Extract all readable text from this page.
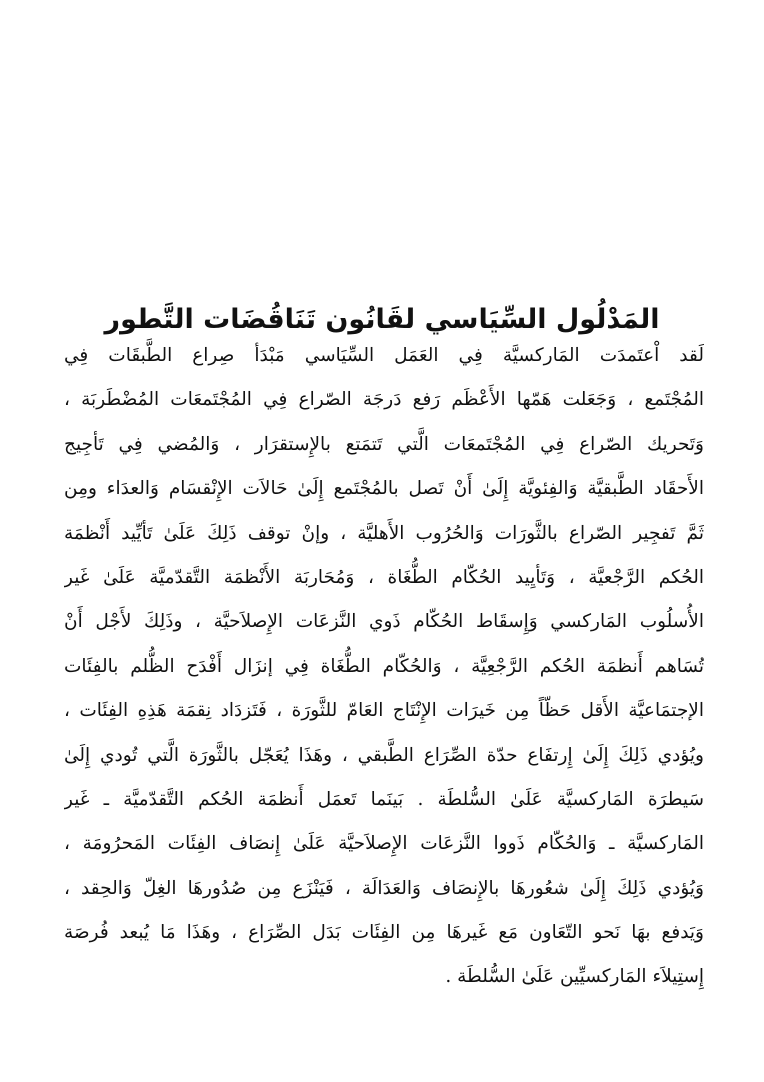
المَدْلُول السِّيَاسي لقَانُون تَنَاقُضَات التَّطور
لَقد اْعتَمدَت المَاركسيَّة فِي العَمَل السِّيَاسي مَبْدَأ صِراع الطَّبقَات فِي
المُجْتَمع ، وَجَعَلت هَمّها الأَعْظَم رَفع دَرجَة الصّراع فِي المُجْتَمعَات المُضْطَربَة ،
وَتَحريك الصّراع فِي المُجْتَمعَات الَّتي تَتمَتع بالإِستقرَار ، وَالمُضي فِي تَأجِيج
الأَحقَاد الطَّبقيَّة وَالفِئويَّة إِلَىٰ أَنْ تَصل بالمُجْتَمع إِلَىٰ حَالاَت الإِنْقسَام وَالعدَاء ومِن
ثَمَّ تَفجِير الصّراع بالثَّورَات وَالحُرُوب الأَهليَّة ، وإنْ توقف ذَلِكَ عَلَىٰ تَأيِّيد أَنْظمَة
الحُكم الرَّجْعيَّة ، وَتَأيِيد الحُكّام الطُّغَاة ، وَمُحَاربَة الأَنْظمَة التَّقدّميَّة عَلَىٰ غَير
الأُسلُوب المَاركسي وَإِسقَاط الحُكّام ذَوي النَّزعَات الإِصلاَحيَّة ، وذَلِكَ لأَجْل أَنْ
تُسَاهم أَنظمَة الحُكم الرَّجْعِيَّة ، وَالحُكّام الطُّغَاة فِي إنزَال أَفْدَح الظُّلم بالفِئَات
الإجتمَاعيَّة الأَقل حَظّاً مِن خَيرَات الإِنْتَاج العَامّ للثَّورَة ، فَتَزدَاد نِقمَة هَذِهِ الفِئَات ،
ويُؤدي ذَلِكَ إِلَىٰ إِرتفَاع حدّة الصِّرَاع الطَّبقي ، وهَذَا يُعَجّل بالثَّورَة الَّتي تُودي إِلَىٰ
سَيطرَة المَاركسيَّة عَلَىٰ السُّلطَة . بَينَما تَعمَل أَنظمَة الحُكم التَّقدّميَّة ـ غَير
المَاركسيَّة ـ وَالحُكّام ذَووا النَّزعَات الإِصلاَحيَّة عَلَىٰ إِنصَاف الفِئَات المَحرُومَة ،
وَيُؤدي ذَلِكَ إِلَىٰ شعُورهَا بالإِنصَاف وَالعَدَالَة ، فَيَنْزَع مِن صُدُورهَا الغِلّ وَالحِقد ،
وَيَدفع بهَا نَحو التّعَاون مَع غَيرهَا مِن الفِئَات بَدَل الصِّرَاع ، وهَذَا مَا يُبعد فُرصَة
إِستِيلاَء المَاركسيِّين عَلَىٰ السُّلطَة .
